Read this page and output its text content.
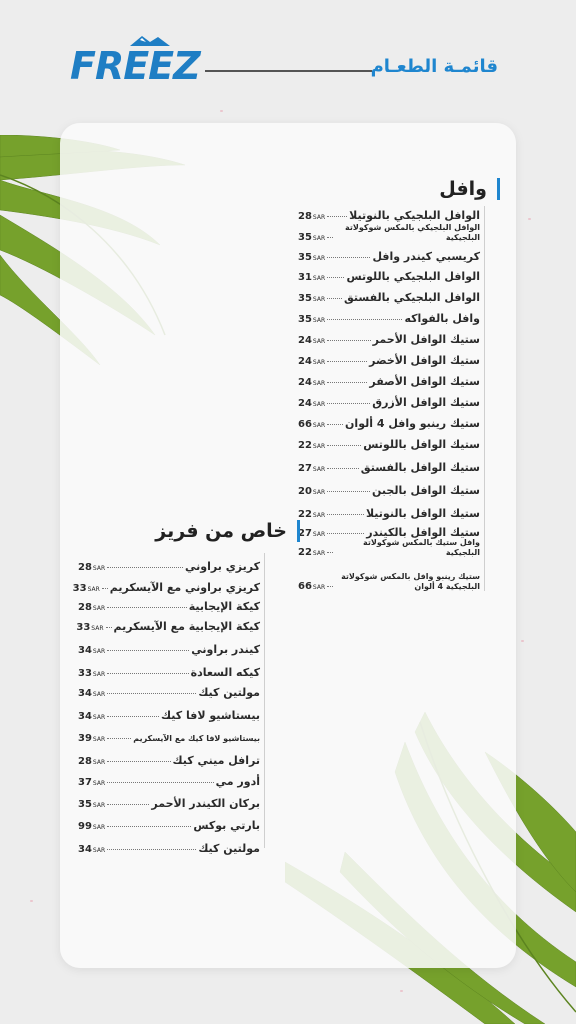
FREEZ	قائمـة الطعـام
وافل
الوافل البلجيكي بالنوتيلا
28SAR
الوافل البلجيكي بالمكس شوكولاتة البلجيكية
35SAR
كريسبي كيندر وافل
35SAR
الوافل البلجيكي باللوتس
31SAR
الوافل البلجيكي بالفستق
35SAR
وافل بالفواكه
35SAR
ستيك الوافل الأحمر
24SAR
ستيك الوافل الأخضر
24SAR
ستيك الوافل الأصفر
24SAR
ستيك الوافل الأزرق
24SAR
ستيك رينبو وافل 4 ألوان
66SAR
ستيك الوافل باللوتس
22SAR
ستيك الوافل بالفستق
27SAR
ستيك الوافل بالجبن
20SAR
ستيك الوافل بالنوتيلا
22SAR
ستيك الوافل بالكيندر
27SAR
وافل ستيك بالمكس شوكولاتة البلجيكية
22SAR
ستيك رينبو وافل بالمكس شوكولاتة البلجيكية 4 ألوان
66SAR
خاص من فريز
كريزي براوني
28SAR
كريزي براوني مع الآيسكريم
33SAR
كيكة الإيجابية
28SAR
كيكة الإيجابية مع الآيسكريم
33SAR
كيندر براوني
34SAR
كيكه السعادة
33SAR
مولتين كيك
34SAR
بيستاشيو لافا كيك
34SAR
بيستاشيو لافا كيك مع الآيسكريم
39SAR
ترافل ميني كيك
28SAR
أدور مي
37SAR
بركان الكيندر الأحمر
35SAR
بارتي بوكس
99SAR
مولتين كيك
34SAR
